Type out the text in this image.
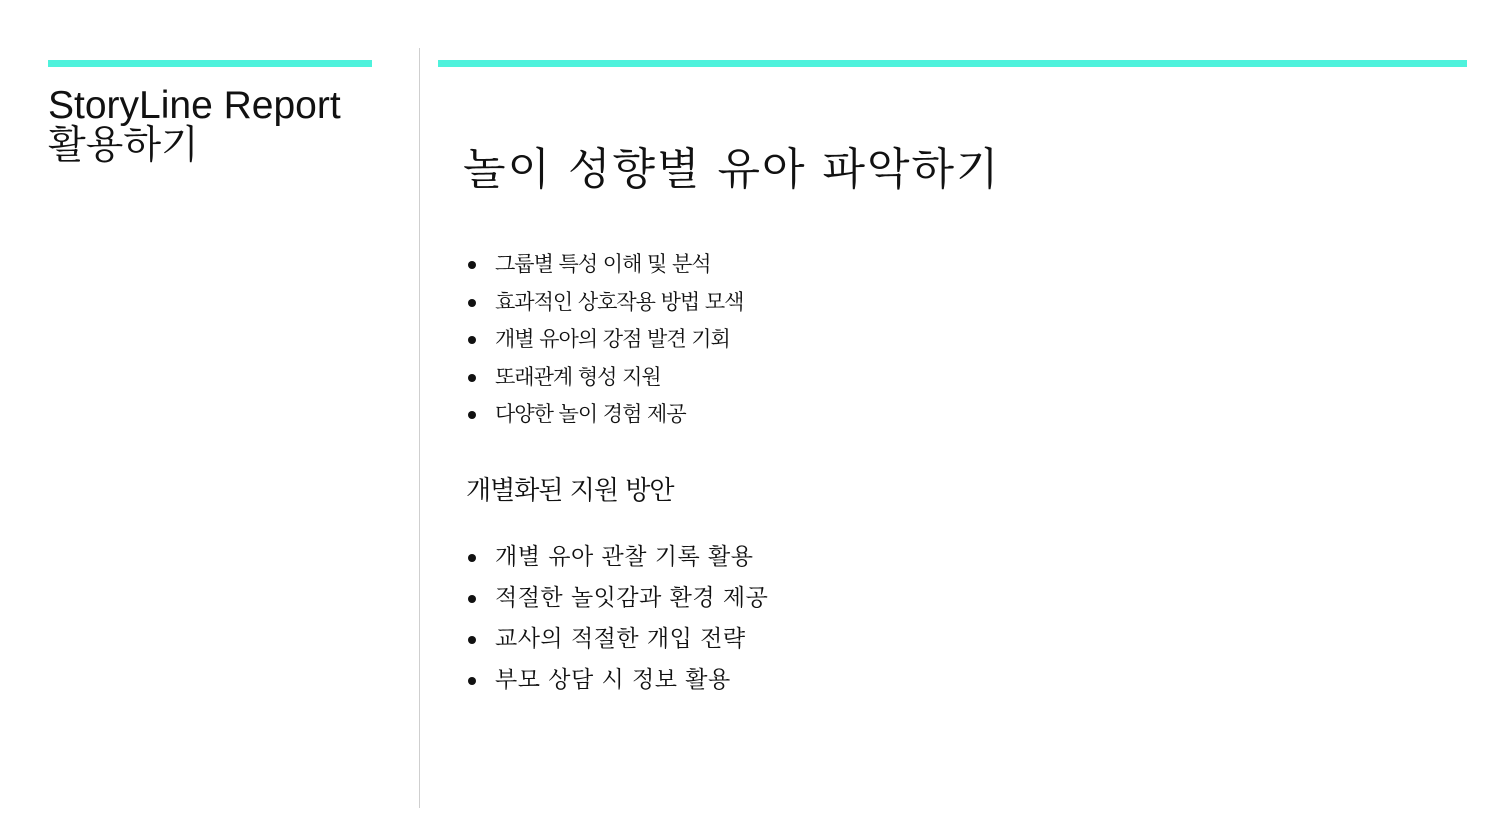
StoryLine Report
활용하기	놀이 성향별 유아 파악하기
그룹별 특성 이해 및 분석
효과적인 상호작용 방법 모색
개별 유아의 강점 발견 기회
또래관계 형성 지원
다양한 놀이 경험 제공
개별화된 지원 방안
개별 유아 관찰 기록 활용
적절한 놀잇감과 환경 제공
교사의 적절한 개입 전략
부모 상담 시 정보 활용
